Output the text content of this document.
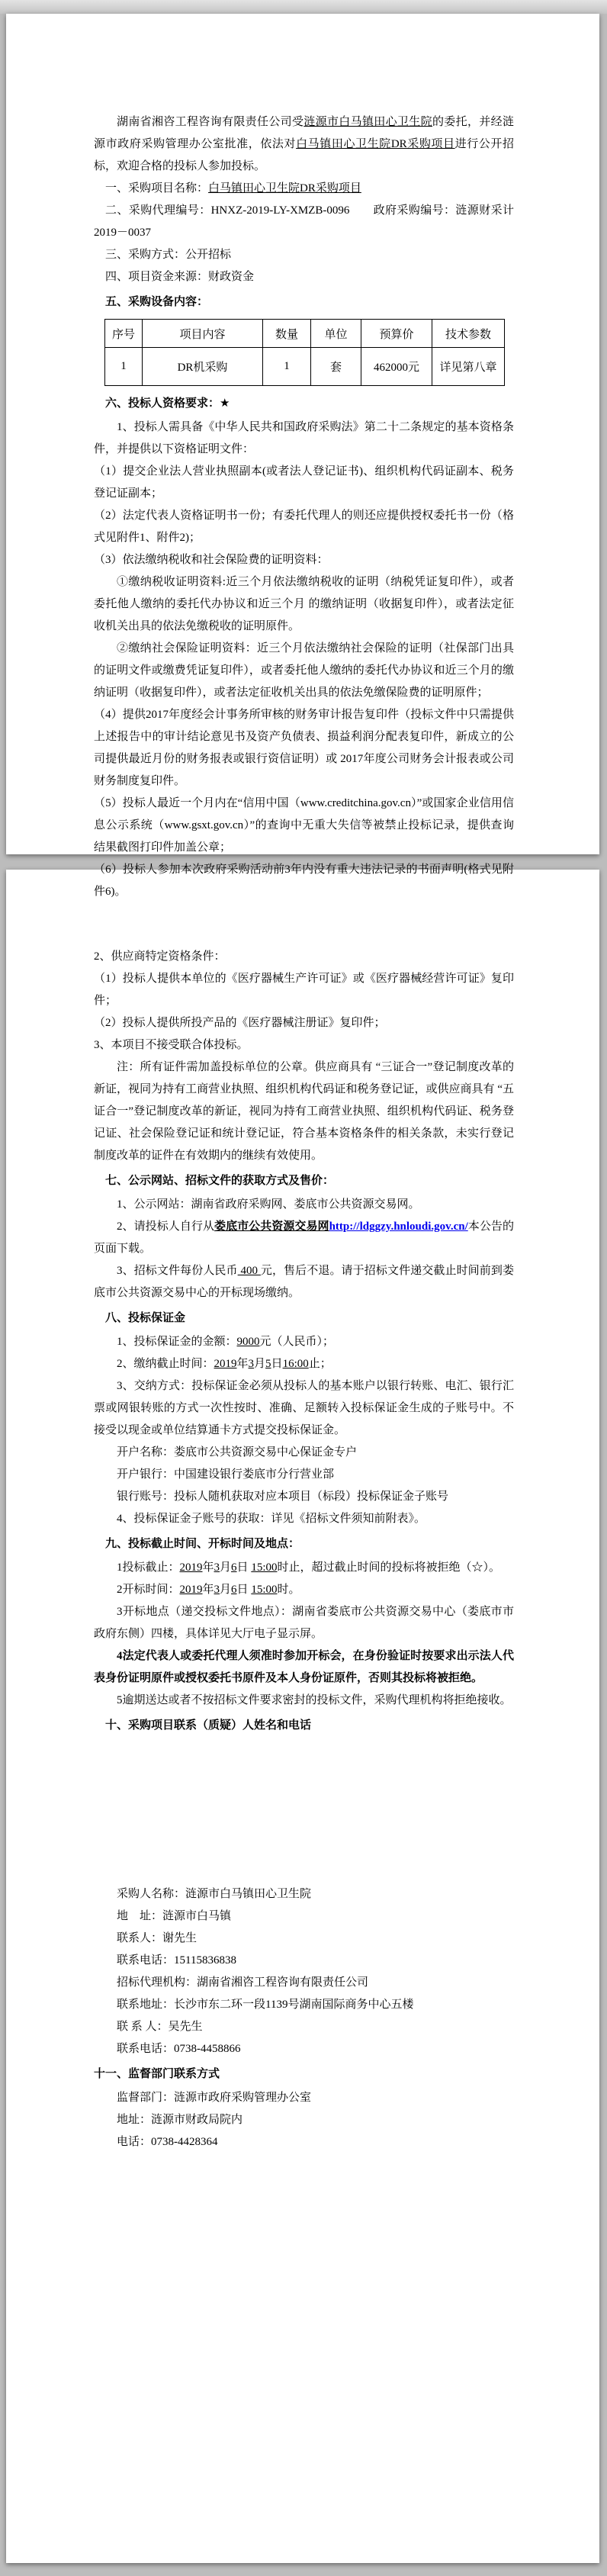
湖南省湘咨工程咨询有限责任公司受涟源市白马镇田心卫生院的委托，并经涟源市政府采购管理办公室批准，依法对白马镇田心卫生院DR采购项目进行公开招标，欢迎合格的投标人参加投标。

一、采购项目名称：白马镇田心卫生院DR采购项目

二、采购代理编号：HNXZ-2019-LY-XMZB-0096　　政府采购编号：涟源财采计 2019－0037

三、采购方式：公开招标

四、项目资金来源：财政资金

五、采购设备内容：

序号	项目内容	数量	单位	预算价	技术参数
1	DR机采购	1	套	462000元	详见第八章

六、投标人资格要求：★

1、投标人需具备《中华人民共和国政府采购法》第二十二条规定的基本资格条件，并提供以下资格证明文件：

（1）提交企业法人营业执照副本(或者法人登记证书)、组织机构代码证副本、税务登记证副本；

（2）法定代表人资格证明书一份；有委托代理人的则还应提供授权委托书一份（格式见附件1、附件2)；

（3）依法缴纳税收和社会保险费的证明资料：

①缴纳税收证明资料:近三个月依法缴纳税收的证明（纳税凭证复印件），或者委托他人缴纳的委托代办协议和近三个月 的缴纳证明（收据复印件），或者法定征收机关出具的依法免缴税收的证明原件。

②缴纳社会保险证明资料：近三个月依法缴纳社会保险的证明（社保部门出具的证明文件或缴费凭证复印件），或者委托他人缴纳的委托代办协议和近三个月的缴纳证明（收据复印件），或者法定征收机关出具的依法免缴保险费的证明原件；

（4）提供2017年度经会计事务所审核的财务审计报告复印件（投标文件中只需提供上述报告中的审计结论意见书及资产负债表、损益利润分配表复印件，新成立的公司提供最近月份的财务报表或银行资信证明）或 2017年度公司财务会计报表或公司财务制度复印件。

（5）投标人最近一个月内在“信用中国（www.creditchina.gov.cn）”或国家企业信用信息公示系统（www.gsxt.gov.cn）”的查询中无重大失信等被禁止投标记录，提供查询结果截图打印件加盖公章；

（6）投标人参加本次政府采购活动前3年内没有重大违法记录的书面声明(格式见附件6)。

2、供应商特定资格条件：

（1）投标人提供本单位的《医疗器械生产许可证》或《医疗器械经营许可证》复印件；

（2）投标人提供所投产品的《医疗器械注册证》复印件；

3、本项目不接受联合体投标。

注：所有证件需加盖投标单位的公章。供应商具有 “三证合一”登记制度改革的新证，视同为持有工商营业执照、组织机构代码证和税务登记证，或供应商具有 “五证合一”登记制度改革的新证，视同为持有工商营业执照、组织机构代码证、税务登记证、社会保险登记证和统计登记证，符合基本资格条件的相关条款，未实行登记制度改革的证件在有效期内的继续有效使用。

七、公示网站、招标文件的获取方式及售价：

1、公示网站：湖南省政府采购网、娄底市公共资源交易网。

2、请投标人自行从娄底市公共资源交易网http://ldggzy.hnloudi.gov.cn/本公告的页面下载。

3、招标文件每份人民币 400 元，售后不退。请于招标文件递交截止时间前到娄底市公共资源交易中心的开标现场缴纳。

八、投标保证金

1、投标保证金的金额：9000元（人民币）；

2、缴纳截止时间：2019年3月5日16:00止；

3、交纳方式：投标保证金必须从投标人的基本账户以银行转账、电汇、银行汇票或网银转账的方式一次性按时、准确、足额转入投标保证金生成的子账号中。不接受以现金或单位结算通卡方式提交投标保证金。

开户名称：娄底市公共资源交易中心保证金专户

开户银行：中国建设银行娄底市分行营业部

银行账号：投标人随机获取对应本项目（标段）投标保证金子账号

4、投标保证金子账号的获取：详见《招标文件须知前附表》。

九、投标截止时间、开标时间及地点：

1投标截止：2019年3月6日 15:00时止，超过截止时间的投标将被拒绝（☆）。

2开标时间：2019年3月6日 15:00时。

3开标地点（递交投标文件地点）：湖南省娄底市公共资源交易中心（娄底市市政府东侧）四楼，具体详见大厅电子显示屏。

4法定代表人或委托代理人须准时参加开标会，在身份验证时按要求出示法人代表身份证明原件或授权委托书原件及本人身份证原件，否则其投标将被拒绝。

5逾期送达或者不按招标文件要求密封的投标文件，采购代理机构将拒绝接收。

十、采购项目联系（质疑）人姓名和电话

采购人名称：涟源市白马镇田心卫生院

地　址：涟源市白马镇

联系人：谢先生

联系电话：15115836838

招标代理机构：湖南省湘咨工程咨询有限责任公司

联系地址：长沙市东二环一段1139号湖南国际商务中心五楼

联 系 人：吴先生

联系电话：0738-4458866

十一、监督部门联系方式

监督部门：涟源市政府采购管理办公室

地址：涟源市财政局院内

电话：0738-4428364
